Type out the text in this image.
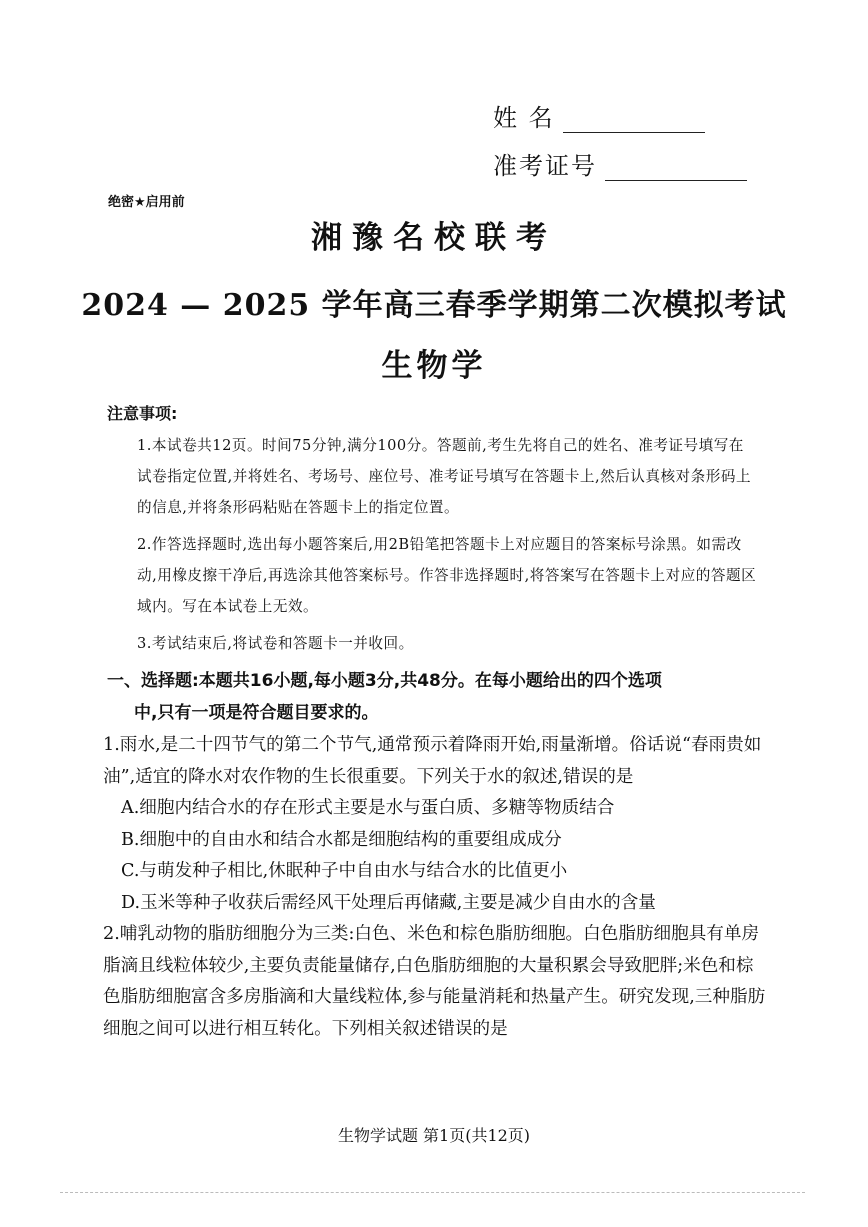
姓 名
准考证号
绝密★启用前
湘豫名校联考
2024 — 2025 学年高三春季学期第二次模拟考试
生物学
注意事项:

1.本试卷共12页。时间75分钟,满分100分。答题前,考生先将自己的姓名、准考证号填写在试卷指定位置,并将姓名、考场号、座位号、准考证号填写在答题卡上,然后认真核对条形码上的信息,并将条形码粘贴在答题卡上的指定位置。

2.作答选择题时,选出每小题答案后,用2B铅笔把答题卡上对应题目的答案标号涂黑。如需改动,用橡皮擦干净后,再选涂其他答案标号。作答非选择题时,将答案写在答题卡上对应的答题区域内。写在本试卷上无效。

3.考试结束后,将试卷和答题卡一并收回。

一、选择题:本题共16小题,每小题3分,共48分。在每小题给出的四个选项
中,只有一项是符合题目要求的。

1.雨水,是二十四节气的第二个节气,通常预示着降雨开始,雨量渐增。俗话说“春雨贵如油”,适宜的降水对农作物的生长很重要。下列关于水的叙述,错误的是

A.细胞内结合水的存在形式主要是水与蛋白质、多糖等物质结合
B.细胞中的自由水和结合水都是细胞结构的重要组成成分
C.与萌发种子相比,休眠种子中自由水与结合水的比值更小
D.玉米等种子收获后需经风干处理后再储藏,主要是减少自由水的含量

2.哺乳动物的脂肪细胞分为三类:白色、米色和棕色脂肪细胞。白色脂肪细胞具有单房脂滴且线粒体较少,主要负责能量储存,白色脂肪细胞的大量积累会导致肥胖;米色和棕色脂肪细胞富含多房脂滴和大量线粒体,参与能量消耗和热量产生。研究发现,三种脂肪细胞之间可以进行相互转化。下列相关叙述错误的是

生物学试题 第1页(共12页)
